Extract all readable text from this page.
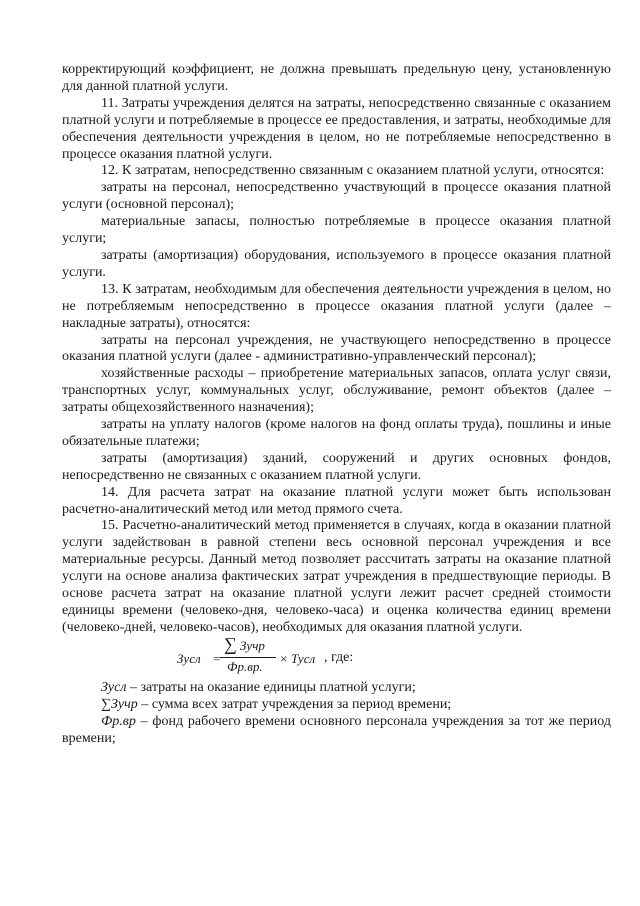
корректирующий коэффициент, не должна превышать предельную цену, установленную для данной платной услуги.

11. Затраты учреждения делятся на затраты, непосредственно связанные с оказанием платной услуги и потребляемые в процессе ее предоставления, и затраты, необходимые для обеспечения деятельности учреждения в целом, но не потребляемые непосредственно в процессе оказания платной услуги.

12. К затратам, непосредственно связанным с оказанием платной услуги, относятся:

затраты на персонал, непосредственно участвующий в процессе оказания платной услуги (основной персонал);

материальные запасы, полностью потребляемые в процессе оказания платной услуги;

затраты (амортизация) оборудования, используемого в процессе оказания платной услуги.

13. К затратам, необходимым для обеспечения деятельности учреждения в целом, но не потребляемым непосредственно в процессе оказания платной услуги (далее – накладные затраты), относятся:

затраты на персонал учреждения, не участвующего непосредственно в процессе оказания платной услуги (далее - административно-управленческий персонал);

хозяйственные расходы – приобретение материальных запасов, оплата услуг связи, транспортных услуг, коммунальных услуг, обслуживание, ремонт объектов (далее – затраты общехозяйственного назначения);

затраты на уплату налогов (кроме налогов на фонд оплаты труда), пошлины и иные обязательные платежи;

затраты (амортизация) зданий, сооружений и других основных фондов, непосредственно не связанных с оказанием платной услуги.

14. Для расчета затрат на оказание платной услуги может быть использован расчетно-аналитический метод или метод прямого счета.

15. Расчетно-аналитический метод применяется в случаях, когда в оказании платной услуги задействован в равной степени весь основной персонал учреждения и все материальные ресурсы. Данный метод позволяет рассчитать затраты на оказание платной услуги на основе анализа фактических затрат учреждения в предшествующие периоды. В основе расчета затрат на оказание платной услуги лежит расчет средней стоимости единицы времени (человеко-дня, человеко-часа) и оценка количества единиц времени (человеко-дней, человеко-часов), необходимых для оказания платной услуги.

Зусл =
∑ Зучр
Фр.вр.
× Тусл , где:

Зусл – затраты на оказание единицы платной услуги;

∑Зучр – сумма всех затрат учреждения за период времени;

Фр.вр – фонд рабочего времени основного персонала учреждения за тот же период времени;
